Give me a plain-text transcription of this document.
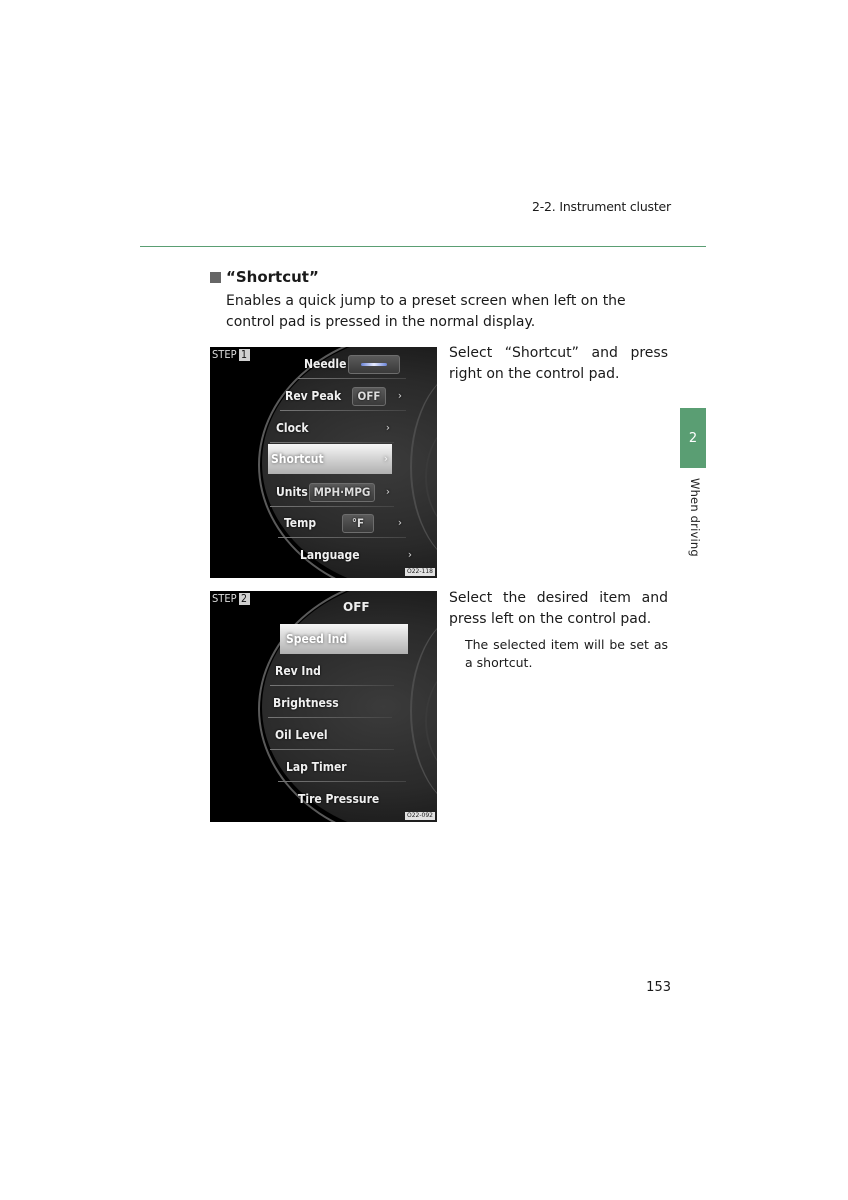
2-2. Instrument cluster
2
When driving
“Shortcut”
Enables a quick jump to a preset screen when left on the control pad is pressed in the normal display.
STEP 1
Needle
Rev Peak	OFF	›
Clock	›
Shortcut	›
Units MPH·MPG	›
Temp	°F	›
Language	›
O22-118
Select “Shortcut” and press right on the control pad.
STEP 2
OFF
Speed Ind
Rev Ind
Brightness
Oil Level
Lap Timer
Tire Pressure
O22-092
Select the desired item and press left on the control pad.
The selected item will be set as a shortcut.
153
